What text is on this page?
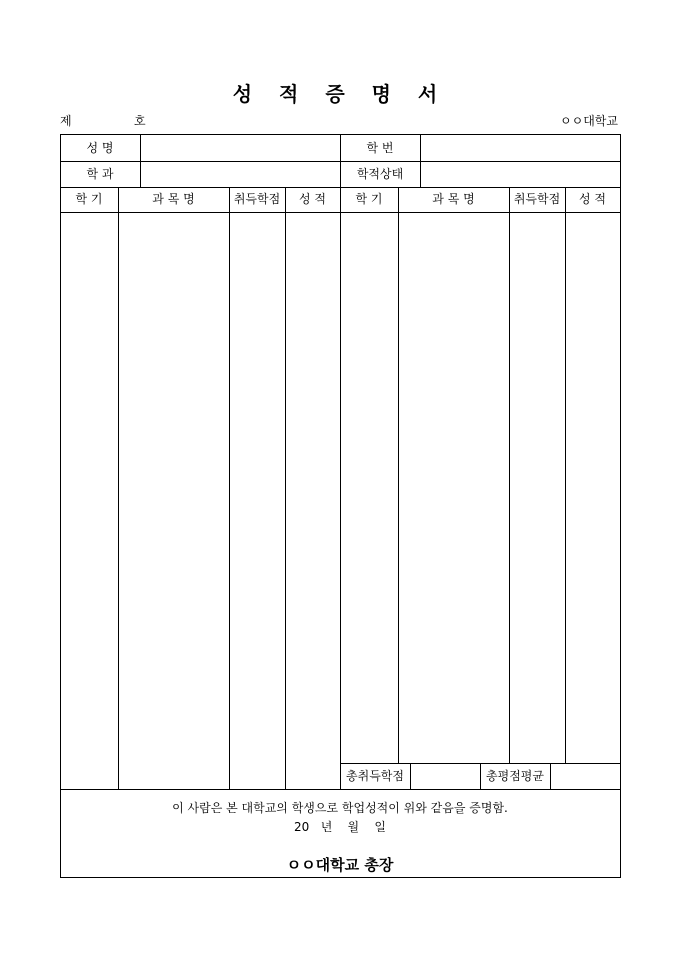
성 적 증 명 서
제	호	ㅇㅇ대학교
성 명	학 번
학 과	학적상태
학 기	과 목 명	취득학점	성 적	학 기	과 목 명	취득학점	성 적
총취득학점	총평점평균
이 사람은 본 대학교의 학생으로 학업성적이 위와 같음을 증명함.
20   년    월    일
ㅇㅇ대학교 총장
